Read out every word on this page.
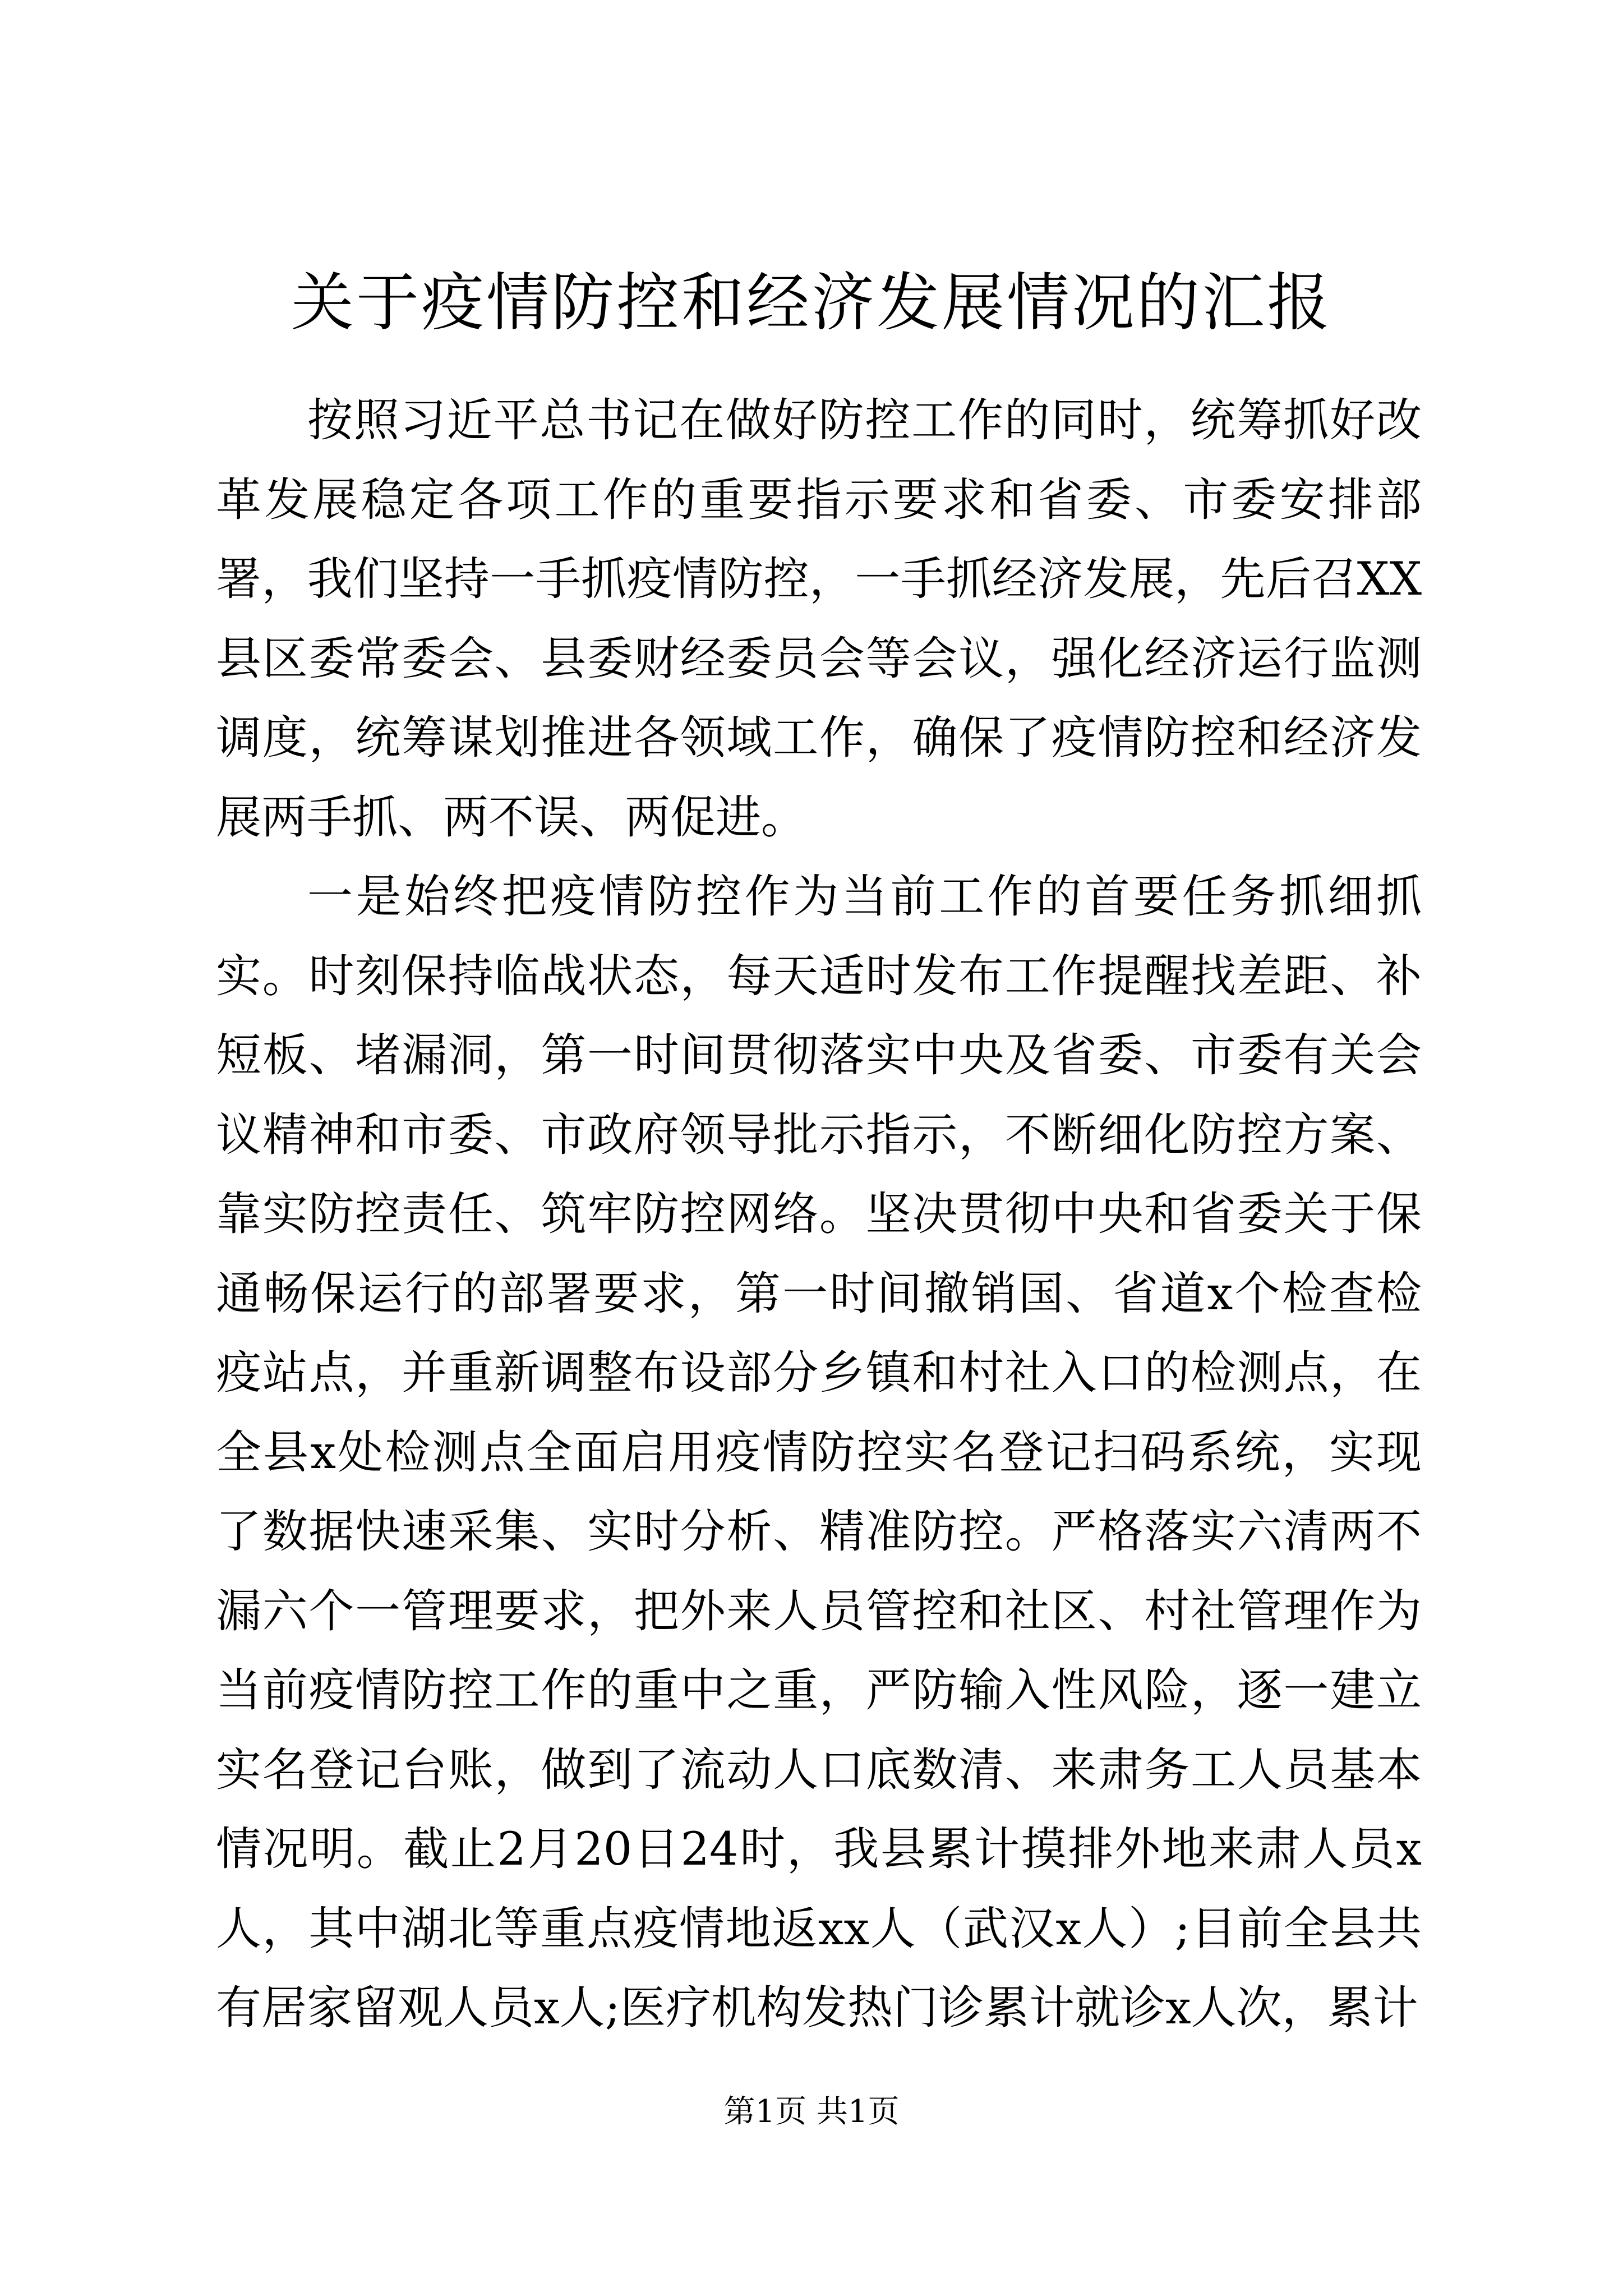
关于疫情防控和经济发展情况的汇报

按照习近平总书记在做好防控工作的同时，统筹抓好改革发展稳定各项工作的重要指示要求和省委、市委安排部署，我们坚持一手抓疫情防控，一手抓经济发展，先后召XX县区委常委会、县委财经委员会等会议，强化经济运行监测调度，统筹谋划推进各领域工作，确保了疫情防控和经济发展两手抓、两不误、两促进。

一是始终把疫情防控作为当前工作的首要任务抓细抓实。时刻保持临战状态，每天适时发布工作提醒找差距、补短板、堵漏洞，第一时间贯彻落实中央及省委、市委有关会议精神和市委、市政府领导批示指示，不断细化防控方案、靠实防控责任、筑牢防控网络。坚决贯彻中央和省委关于保通畅保运行的部署要求，第一时间撤销国、省道x个检查检疫站点，并重新调整布设部分乡镇和村社入口的检测点，在全县x处检测点全面启用疫情防控实名登记扫码系统，实现了数据快速采集、实时分析、精准防控。严格落实六清两不漏六个一管理要求，把外来人员管控和社区、村社管理作为当前疫情防控工作的重中之重，严防输入性风险，逐一建立实名登记台账，做到了流动人口底数清、来肃务工人员基本情况明。截止2月20日24时，我县累计摸排外地来肃人员x人，其中湖北等重点疫情地返xx人（武汉x人）;目前全县共有居家留观人员x人;医疗机构发热门诊累计就诊x人次，累计

第1页 共1页
